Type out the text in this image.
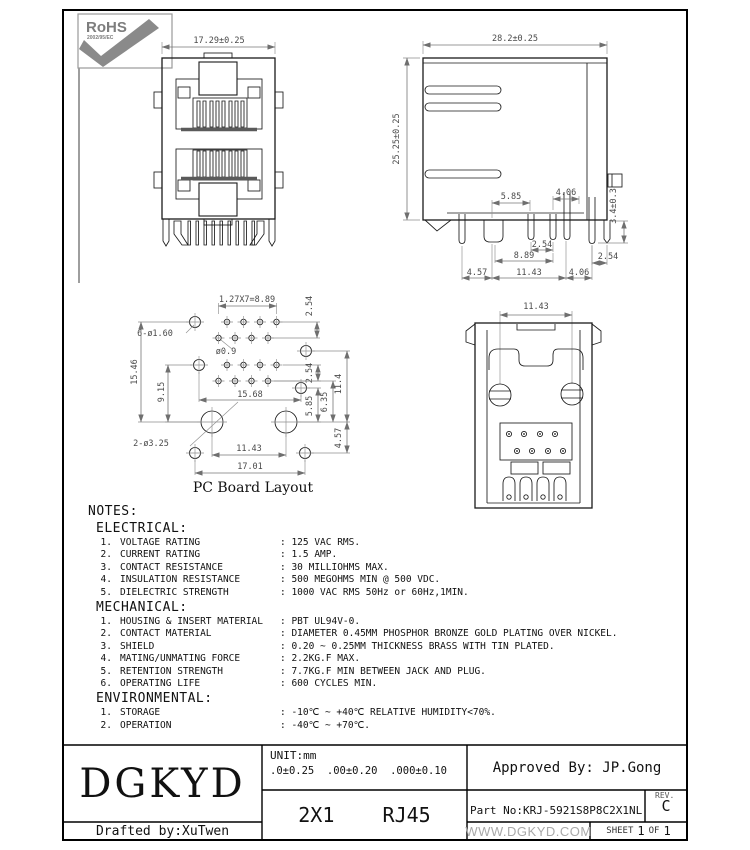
RoHS
2002/95/EC	17.29±0.25	28.2±0.25
25.25±0.25
5.85	4.06	3.4±0.3
2.54
8.89	2.54
4.57	11.43	4.06
1.27X7=8.89	2.54
6-ø1.60
ø0.9
15.46
9.15	15.68
2.54
5.85 6.35
11.4
4.57
2-ø3.25	11.43
17.01
PC Board Layout
11.43
NOTES:
ELECTRICAL:
1. VOLTAGE RATING	: 125 VAC RMS.
2. CURRENT RATING	: 1.5 AMP.
3. CONTACT RESISTANCE	: 30 MILLIOHMS MAX.
4. INSULATION RESISTANCE	: 500 MEGOHMS MIN @ 500 VDC.
5. DIELECTRIC STRENGTH	: 1000 VAC RMS 50Hz or 60Hz,1MIN.
MECHANICAL:
1. HOUSING & INSERT MATERIAL	: PBT UL94V-0.
2. CONTACT MATERIAL	: DIAMETER 0.45MM PHOSPHOR BRONZE GOLD PLATING OVER NICKEL.
3. SHIELD	: 0.20 ~ 0.25MM THICKNESS BRASS WITH TIN PLATED.
4. MATING/UNMATING FORCE	: 2.2KG.F MAX.
5. RETENTION STRENGTH	: 7.7KG.F MIN BETWEEN JACK AND PLUG.
6. OPERATING LIFE	: 600 CYCLES MIN.
ENVIRONMENTAL:
1. STORAGE	: -10℃ ~ +40℃ RELATIVE HUMIDITY<70%.
2. OPERATION	: -40℃ ~ +70℃.
DGKYD
Drafted by:XuTwen
UNIT:mm
.0±0.25  .00±0.20  .000±0.10
2X1    RJ45
Approved By: JP.Gong
Part No:KRJ-5921S8P8C2X1NL
REV.
C
WWW.DGKYD.COM SHEET 1 OF 1
